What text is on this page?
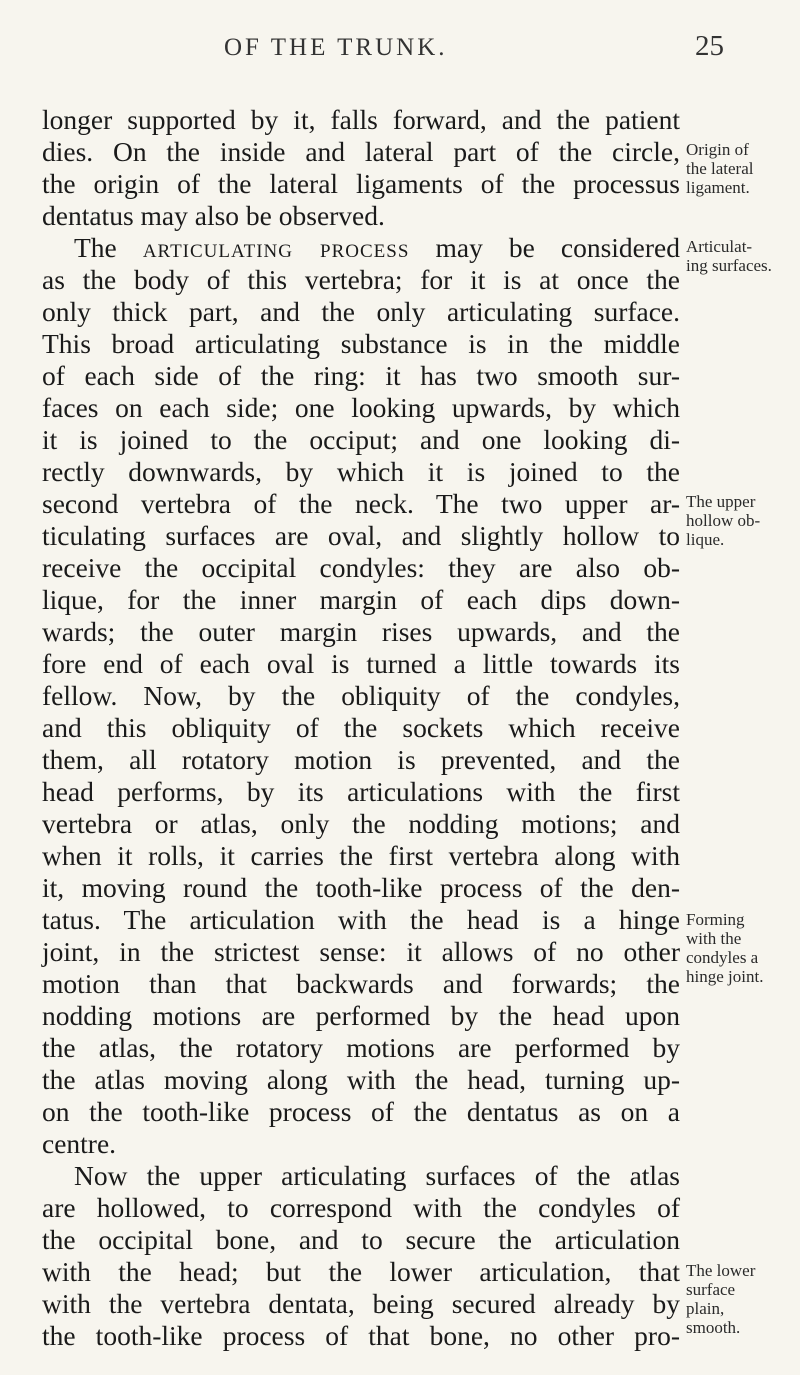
OF THE TRUNK.	25
longer supported by it, falls forward, and the patient
dies. On the inside and lateral part of the circle,
the origin of the lateral ligaments of the processus
dentatus may also be observed.
The articulating process may be considered
as the body of this vertebra; for it is at once the
only thick part, and the only articulating surface.
This broad articulating substance is in the middle
of each side of the ring: it has two smooth sur-
faces on each side; one looking upwards, by which
it is joined to the occiput; and one looking di-
rectly downwards, by which it is joined to the
second vertebra of the neck. The two upper ar-
ticulating surfaces are oval, and slightly hollow to
receive the occipital condyles: they are also ob-
lique, for the inner margin of each dips down-
wards; the outer margin rises upwards, and the
fore end of each oval is turned a little towards its
fellow. Now, by the obliquity of the condyles,
and this obliquity of the sockets which receive
them, all rotatory motion is prevented, and the
head performs, by its articulations with the first
vertebra or atlas, only the nodding motions; and
when it rolls, it carries the first vertebra along with
it, moving round the tooth-like process of the den-
tatus. The articulation with the head is a hinge
joint, in the strictest sense: it allows of no other
motion than that backwards and forwards; the
nodding motions are performed by the head upon
the atlas, the rotatory motions are performed by
the atlas moving along with the head, turning up-
on the tooth-like process of the dentatus as on a
centre.
Now the upper articulating surfaces of the atlas
are hollowed, to correspond with the condyles of
the occipital bone, and to secure the articulation
with the head; but the lower articulation, that
with the vertebra dentata, being secured already by
the tooth-like process of that bone, no other pro-
Origin of
the lateral
ligament.
Articulat-
ing surfaces.
The upper
hollow ob-
lique.
Forming
with the
condyles a
hinge joint.
The lower
surface
plain,
smooth.
